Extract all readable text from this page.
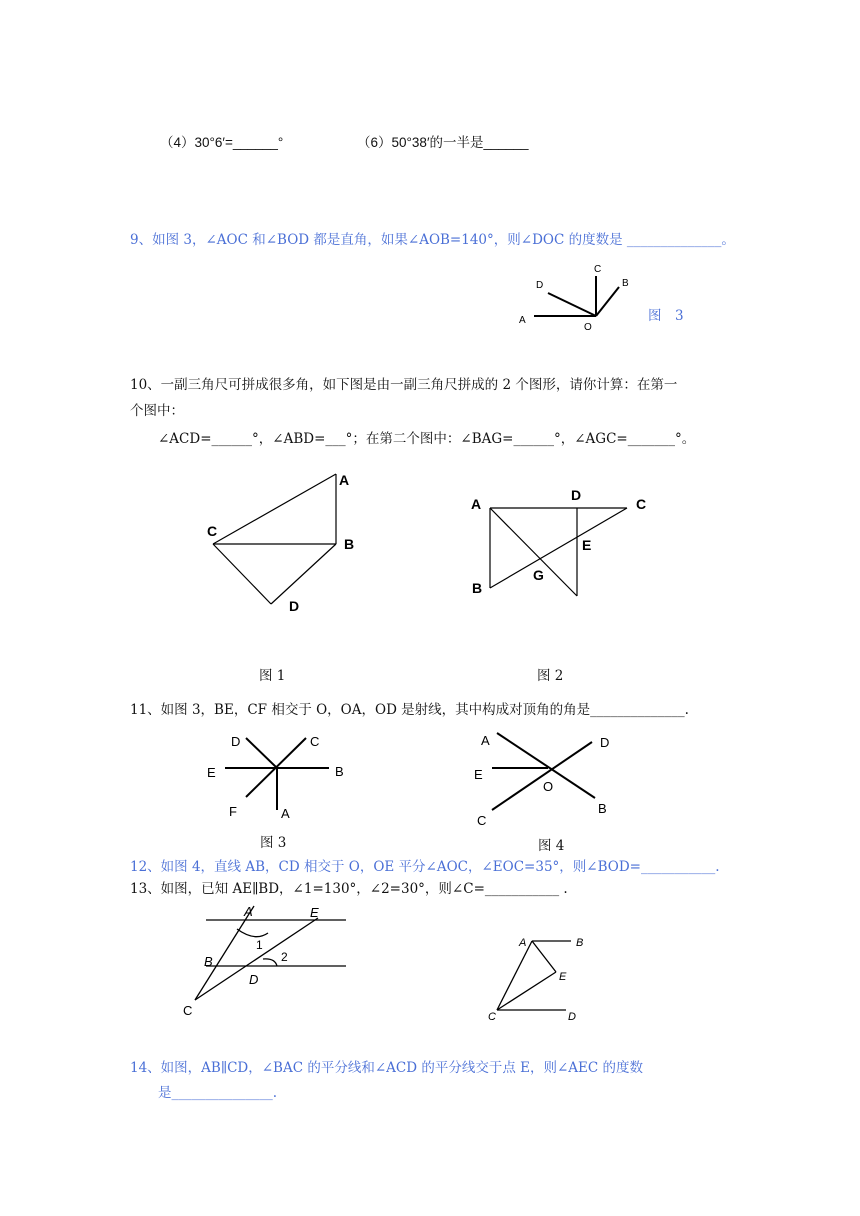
（4）30°6′=______°	（6）50°38′的一半是______
9、如图 3，∠AOC 和∠BOD 都是直角，如果∠AOB=140°，则∠DOC 的度数是 ______________。
A
D
C
B
O
A
C
B
D
A
D
C
E
G
B
D	C
E	B
F	A
A	D
E
O
B
C
A	E
1
2
B
D
C
A	B
E
C	D
图　3
10、一副三角尺可拼成很多角，如下图是由一副三角尺拼成的 2 个图形，请你计算：在第一
个图中：
∠ACD=______°，∠ABD=___°；在第二个图中：∠BAG=______°，∠AGC=_______°。
图 1	图 2
11、如图 3，BE，CF 相交于 O，OA，OD 是射线，其中构成对顶角的角是______________.
图 3	图 4
12、如图 4，直线 AB，CD 相交于 O，OE 平分∠AOC，∠EOC=35°，则∠BOD=___________.
13、如图，已知 AE∥BD，∠1=130°，∠2=30°，则∠C=___________ .
14、如图，AB∥CD，∠BAC 的平分线和∠ACD 的平分线交于点 E，则∠AEC 的度数
是_______________.
